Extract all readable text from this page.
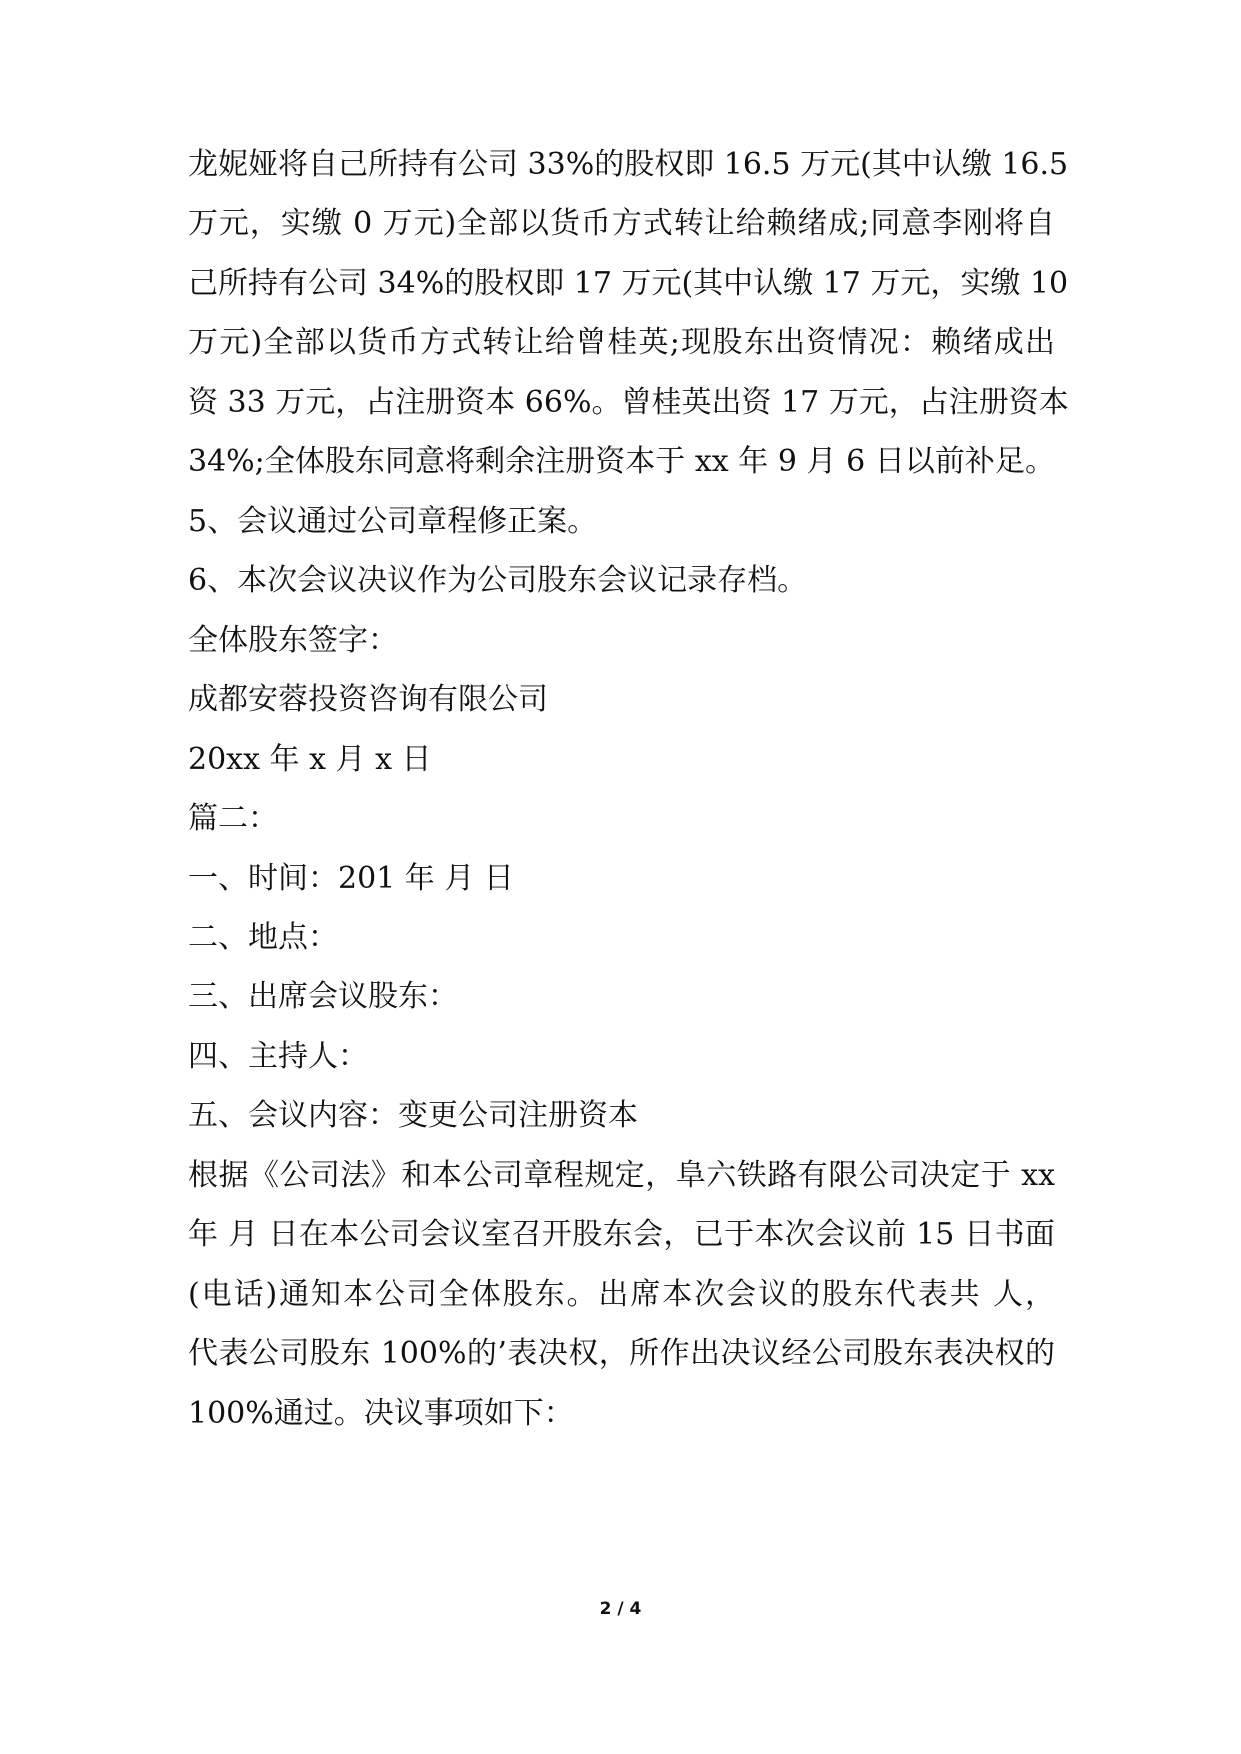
龙妮娅将自己所持有公司 33%的股权即 16.5 万元(其中认缴 16.5
万元，实缴 0 万元)全部以货币方式转让给赖绪成;同意李刚将自
己所持有公司 34%的股权即 17 万元(其中认缴 17 万元，实缴 10
万元)全部以货币方式转让给曾桂英;现股东出资情况：赖绪成出
资 33 万元，占注册资本 66%。曾桂英出资 17 万元，占注册资本
34%;全体股东同意将剩余注册资本于 xx 年 9 月 6 日以前补足。
5、会议通过公司章程修正案。
6、本次会议决议作为公司股东会议记录存档。
全体股东签字：
成都安蓉投资咨询有限公司
20xx 年 x 月 x 日
篇二：
一、时间：201 年 月 日
二、地点：
三、出席会议股东：
四、主持人：
五、会议内容：变更公司注册资本
根据《公司法》和本公司章程规定，阜六铁路有限公司决定于 xx
年 月 日在本公司会议室召开股东会，已于本次会议前 15 日书面
(电话)通知本公司全体股东。出席本次会议的股东代表共 人，
代表公司股东 100%的’表决权，所作出决议经公司股东表决权的
100%通过。决议事项如下：
2 / 4
